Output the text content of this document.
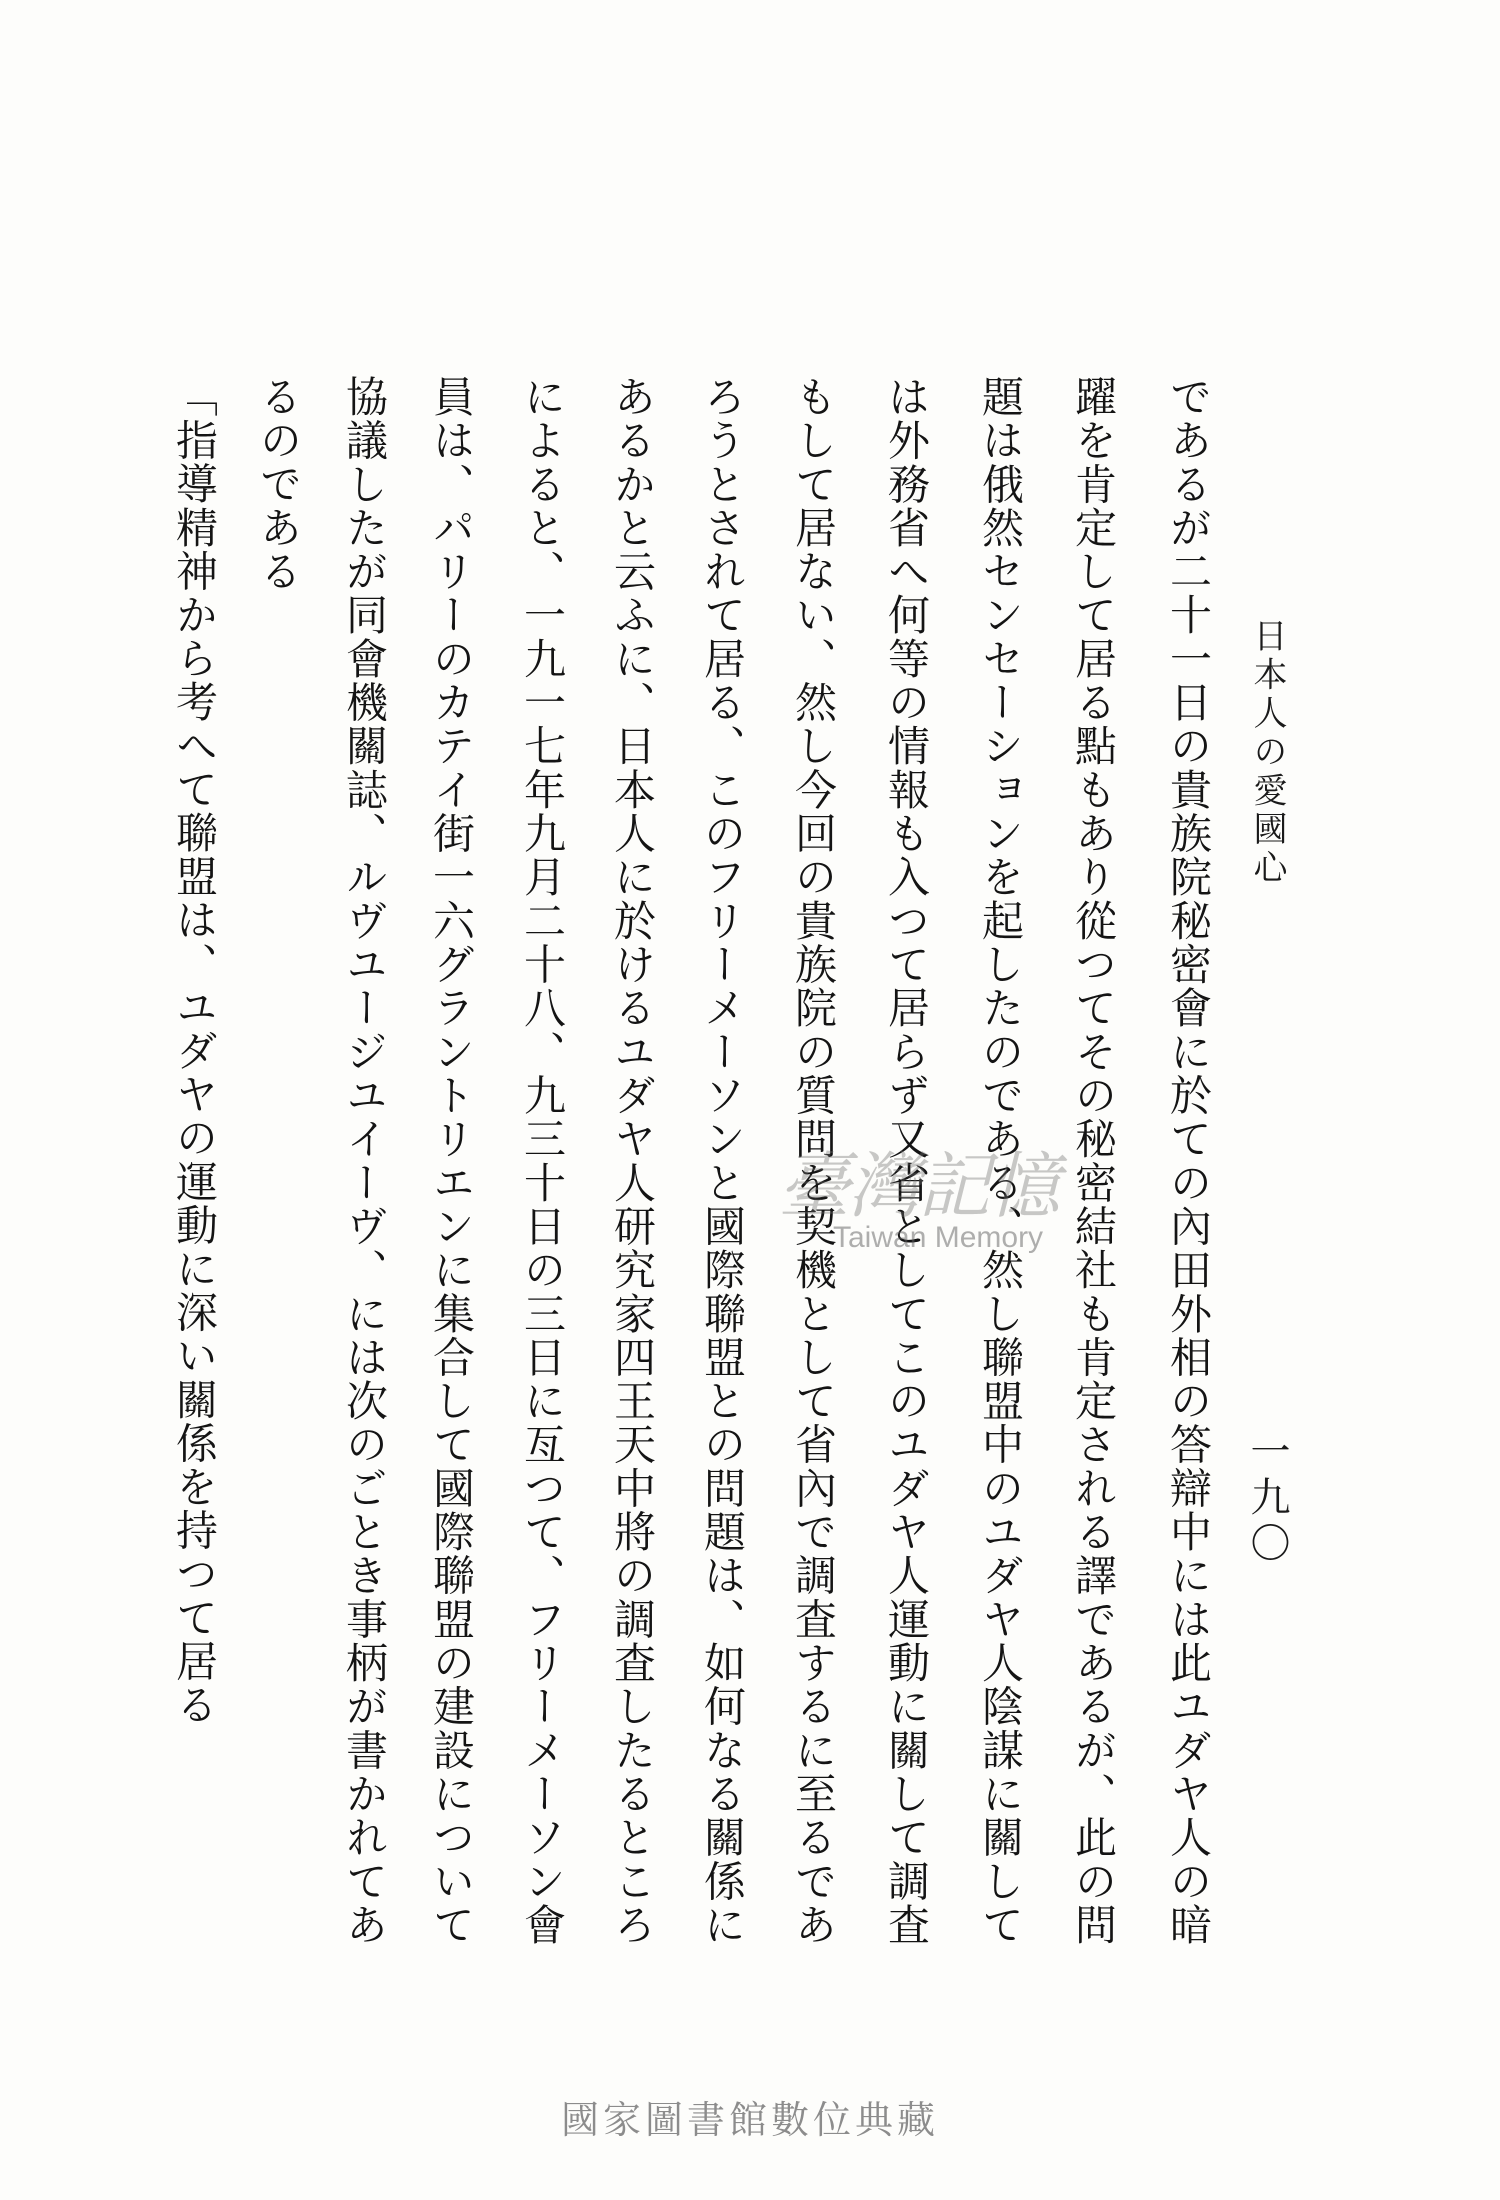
日本人の愛國心
一九〇
であるが二十一日の貴族院秘密會に於ての內田外相の答辯中には此ユダヤ人の暗
躍を肯定して居る點もあり從つてその秘密結社も肯定される譯であるが、此の問
題は俄然センセーションを起したのである、然し聯盟中のユダヤ人陰謀に關して
は外務省へ何等の情報も入つて居らず又省としてこのユダヤ人運動に關して調査
もして居ない、然し今回の貴族院の質問を契機として省內で調査するに至るであ
ろうとされて居る、このフリーメーソンと國際聯盟との問題は、如何なる關係に
あるかと云ふに、日本人に於けるユダヤ人研究家四王天中將の調査したるところ
によると、一九一七年九月二十八、九三十日の三日に亙つて、フリーメーソン會
員は、パリーのカテイ街一六グラントリエンに集合して國際聯盟の建設について
協議したが同會機關誌、ルヴユージユイーヴ、には次のごとき事柄が書かれてあ
るのである
「指導精神から考へて聯盟は、ユダヤの運動に深い關係を持つて居る	臺灣記憶
Taiwan Memory
國家圖書館數位典藏
